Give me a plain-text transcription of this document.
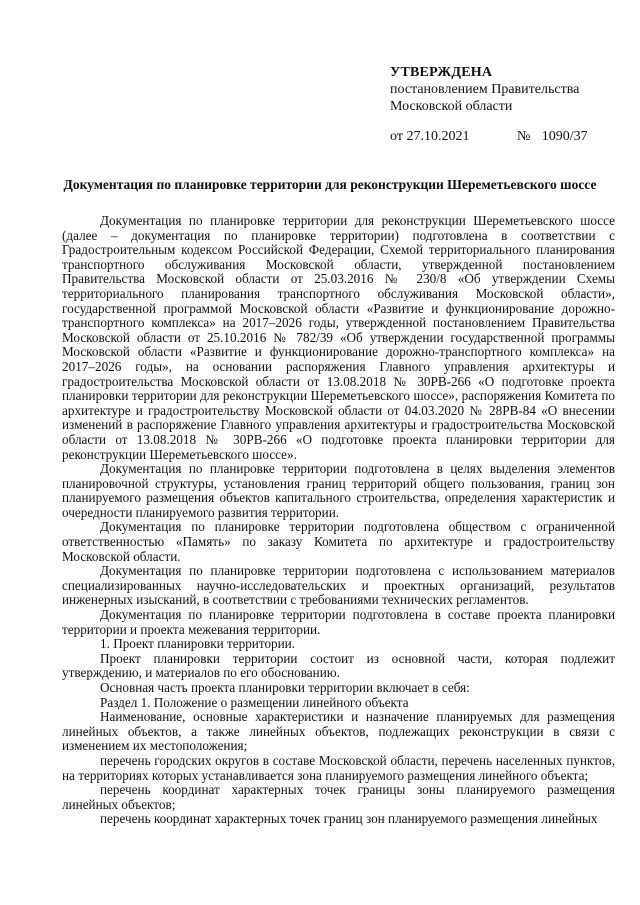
УТВЕРЖДЕНА
постановлением Правительства
Московской области
от 27.10.2021	№ 1090/37
Документация по планировке территории для реконструкции Шереметьевского шоссе

Документация по планировке территории для реконструкции Шереметьевского шоссе (далее – документация по планировке территории) подготовлена в соответствии с Градостроительным кодексом Российской Федерации, Схемой территориального планирования транспортного обслуживания Московской области, утвержденной постановлением Правительства Московской области от 25.03.2016 № 230/8 «Об утверждении Схемы территориального планирования транспортного обслуживания Московской области», государственной программой Московской области «Развитие и функционирование дорожно-транспортного комплекса» на 2017–2026 годы, утвержденной постановлением Правительства Московской области от 25.10.2016 № 782/39 «Об утверждении государственной программы Московской области «Развитие и функционирование дорожно-транспортного комплекса» на 2017–2026 годы», на основании распоряжения Главного управления архитектуры и градостроительства Московской области от 13.08.2018 № 30РВ-266 «О подготовке проекта планировки территории для реконструкции Шереметьевского шоссе», распоряжения Комитета по архитектуре и градостроительству Московской области от 04.03.2020 № 28РВ-84 «О внесении изменений в распоряжение Главного управления архитектуры и градостроительства Московской области от 13.08.2018 № 30РВ-266 «О подготовке проекта планировки территории для реконструкции Шереметьевского шоссе».

Документация по планировке территории подготовлена в целях выделения элементов планировочной структуры, установления границ территорий общего пользования, границ зон планируемого размещения объектов капитального строительства, определения характеристик и очередности планируемого развития территории.

Документация по планировке территории подготовлена обществом с ограниченной ответственностью «Память» по заказу Комитета по архитектуре и градостроительству Московской области.

Документация по планировке территории подготовлена с использованием материалов специализированных научно-исследовательских и проектных организаций, результатов инженерных изысканий, в соответствии с требованиями технических регламентов.

Документация по планировке территории подготовлена в составе проекта планировки территории и проекта межевания территории.

1. Проект планировки территории.

Проект планировки территории состоит из основной части, которая подлежит утверждению, и материалов по его обоснованию.

Основная часть проекта планировки территории включает в себя:

Раздел 1. Положение о размещении линейного объекта

Наименование, основные характеристики и назначение планируемых для размещения линейных объектов, а также линейных объектов, подлежащих реконструкции в связи с изменением их местоположения;

перечень городских округов в составе Московской области, перечень населенных пунктов, на территориях которых устанавливается зона планируемого размещения линейного объекта;

перечень координат характерных точек границы зоны планируемого размещения линейных объектов;

перечень координат характерных точек границ зон планируемого размещения линейных
